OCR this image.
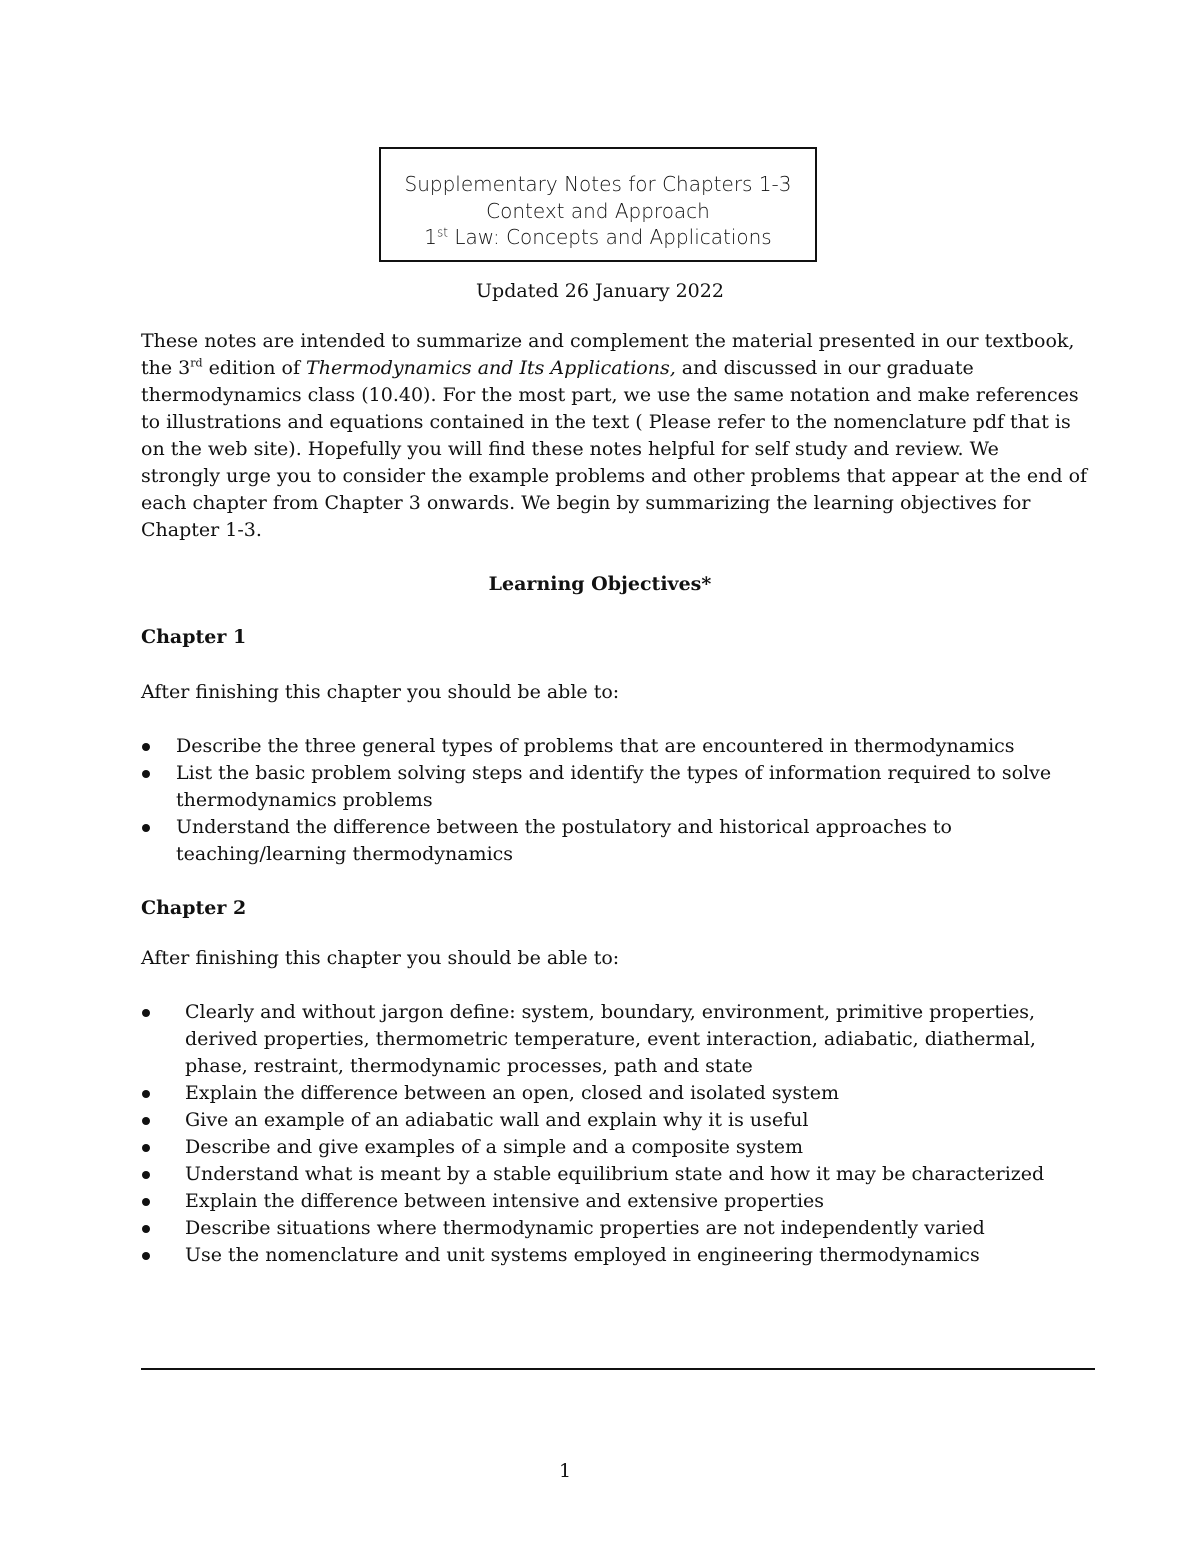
Supplementary Notes for Chapters 1-3
Context and Approach
1st Law: Concepts and Applications
Updated 26 January 2022

These notes are intended to summarize and complement the material presented in our textbook,

the 3rd edition of Thermodynamics and Its Applications, and discussed in our graduate

thermodynamics class (10.40). For the most part, we use the same notation and make references

to illustrations and equations contained in the text ( Please refer to the nomenclature pdf that is

on the web site). Hopefully you will find these notes helpful for self study and review. We

strongly urge you to consider the example problems and other problems that appear at the end of

each chapter from Chapter 3 onwards. We begin by summarizing the learning objectives for

Chapter 1-3.

Learning Objectives*
Chapter 1
After finishing this chapter you should be able to:
Describe the three general types of problems that are encountered in thermodynamics
List the basic problem solving steps and identify the types of information required to solve
thermodynamics problems
Understand the difference between the postulatory and historical approaches to
teaching/learning thermodynamics
Chapter 2
After finishing this chapter you should be able to:
Clearly and without jargon define: system, boundary, environment, primitive properties,
derived properties, thermometric temperature, event interaction, adiabatic, diathermal,
phase, restraint, thermodynamic processes, path and state
Explain the difference between an open, closed and isolated system
Give an example of an adiabatic wall and explain why it is useful
Describe and give examples of a simple and a composite system
Understand what is meant by a stable equilibrium state and how it may be characterized
Explain the difference between intensive and extensive properties
Describe situations where thermodynamic properties are not independently varied
Use the nomenclature and unit systems employed in engineering thermodynamics
1
